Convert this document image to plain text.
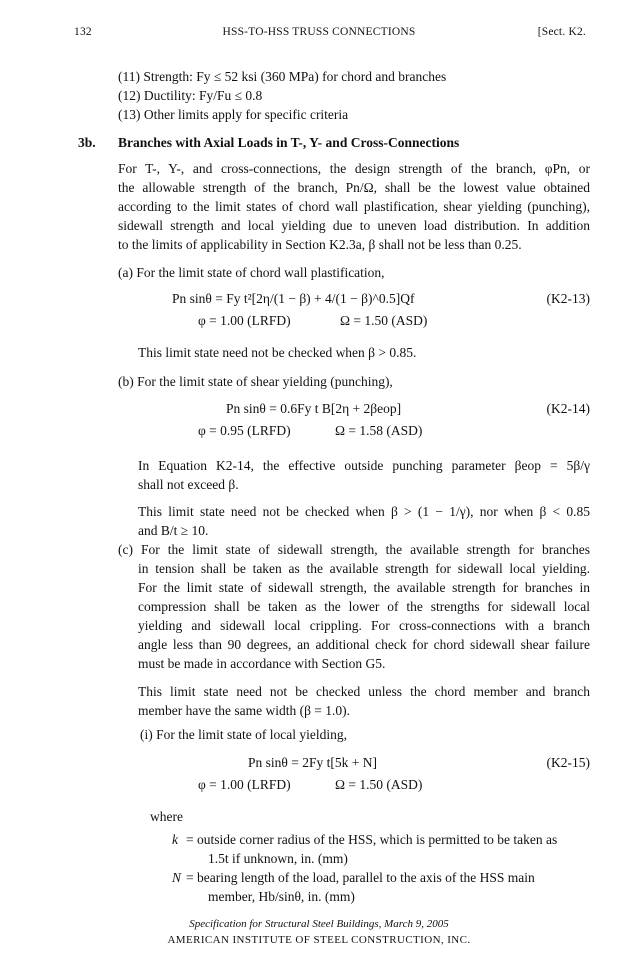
132	HSS-TO-HSS TRUSS CONNECTIONS	[Sect. K2.
(11) Strength: Fy ≤ 52 ksi (360 MPa) for chord and branches
(12) Ductility: Fy/Fu ≤ 0.8
(13) Other limits apply for specific criteria
3b. Branches with Axial Loads in T-, Y- and Cross-Connections
For T-, Y-, and cross-connections, the design strength of the branch, φPn, or
the allowable strength of the branch, Pn/Ω, shall be the lowest value obtained
according to the limit states of chord wall plastification, shear yielding (punching),
sidewall strength and local yielding due to uneven load distribution. In addition
to the limits of applicability in Section K2.3a, β shall not be less than 0.25.
(a) For the limit state of chord wall plastification,
Pn sinθ = Fy t²[2η/(1 − β) + 4/(1 − β)^0.5]Qf	(K2-13)
φ = 1.00 (LRFD)	Ω = 1.50 (ASD)
This limit state need not be checked when β > 0.85.
(b) For the limit state of shear yielding (punching),
Pn sinθ = 0.6Fy t B[2η + 2βeop]	(K2-14)
φ = 0.95 (LRFD)	Ω = 1.58 (ASD)
In Equation K2-14, the effective outside punching parameter βeop = 5β/γ
shall not exceed β.
This limit state need not be checked when β > (1 − 1/γ), nor when β < 0.85
and B/t ≥ 10.
(c) For the limit state of sidewall strength, the available strength for branches
in tension shall be taken as the available strength for sidewall local yielding.
For the limit state of sidewall strength, the available strength for branches in
compression shall be taken as the lower of the strengths for sidewall local
yielding and sidewall local crippling. For cross-connections with a branch
angle less than 90 degrees, an additional check for chord sidewall shear failure
must be made in accordance with Section G5.
This limit state need not be checked unless the chord member and branch
member have the same width (β = 1.0).
(i) For the limit state of local yielding,
Pn sinθ = 2Fy t[5k + N]	(K2-15)
φ = 1.00 (LRFD)	Ω = 1.50 (ASD)
where
k = outside corner radius of the HSS, which is permitted to be taken as
1.5t if unknown, in. (mm)
N = bearing length of the load, parallel to the axis of the HSS main
member, Hb/sinθ, in. (mm)
Specification for Structural Steel Buildings, March 9, 2005
AMERICAN INSTITUTE OF STEEL CONSTRUCTION, INC.
